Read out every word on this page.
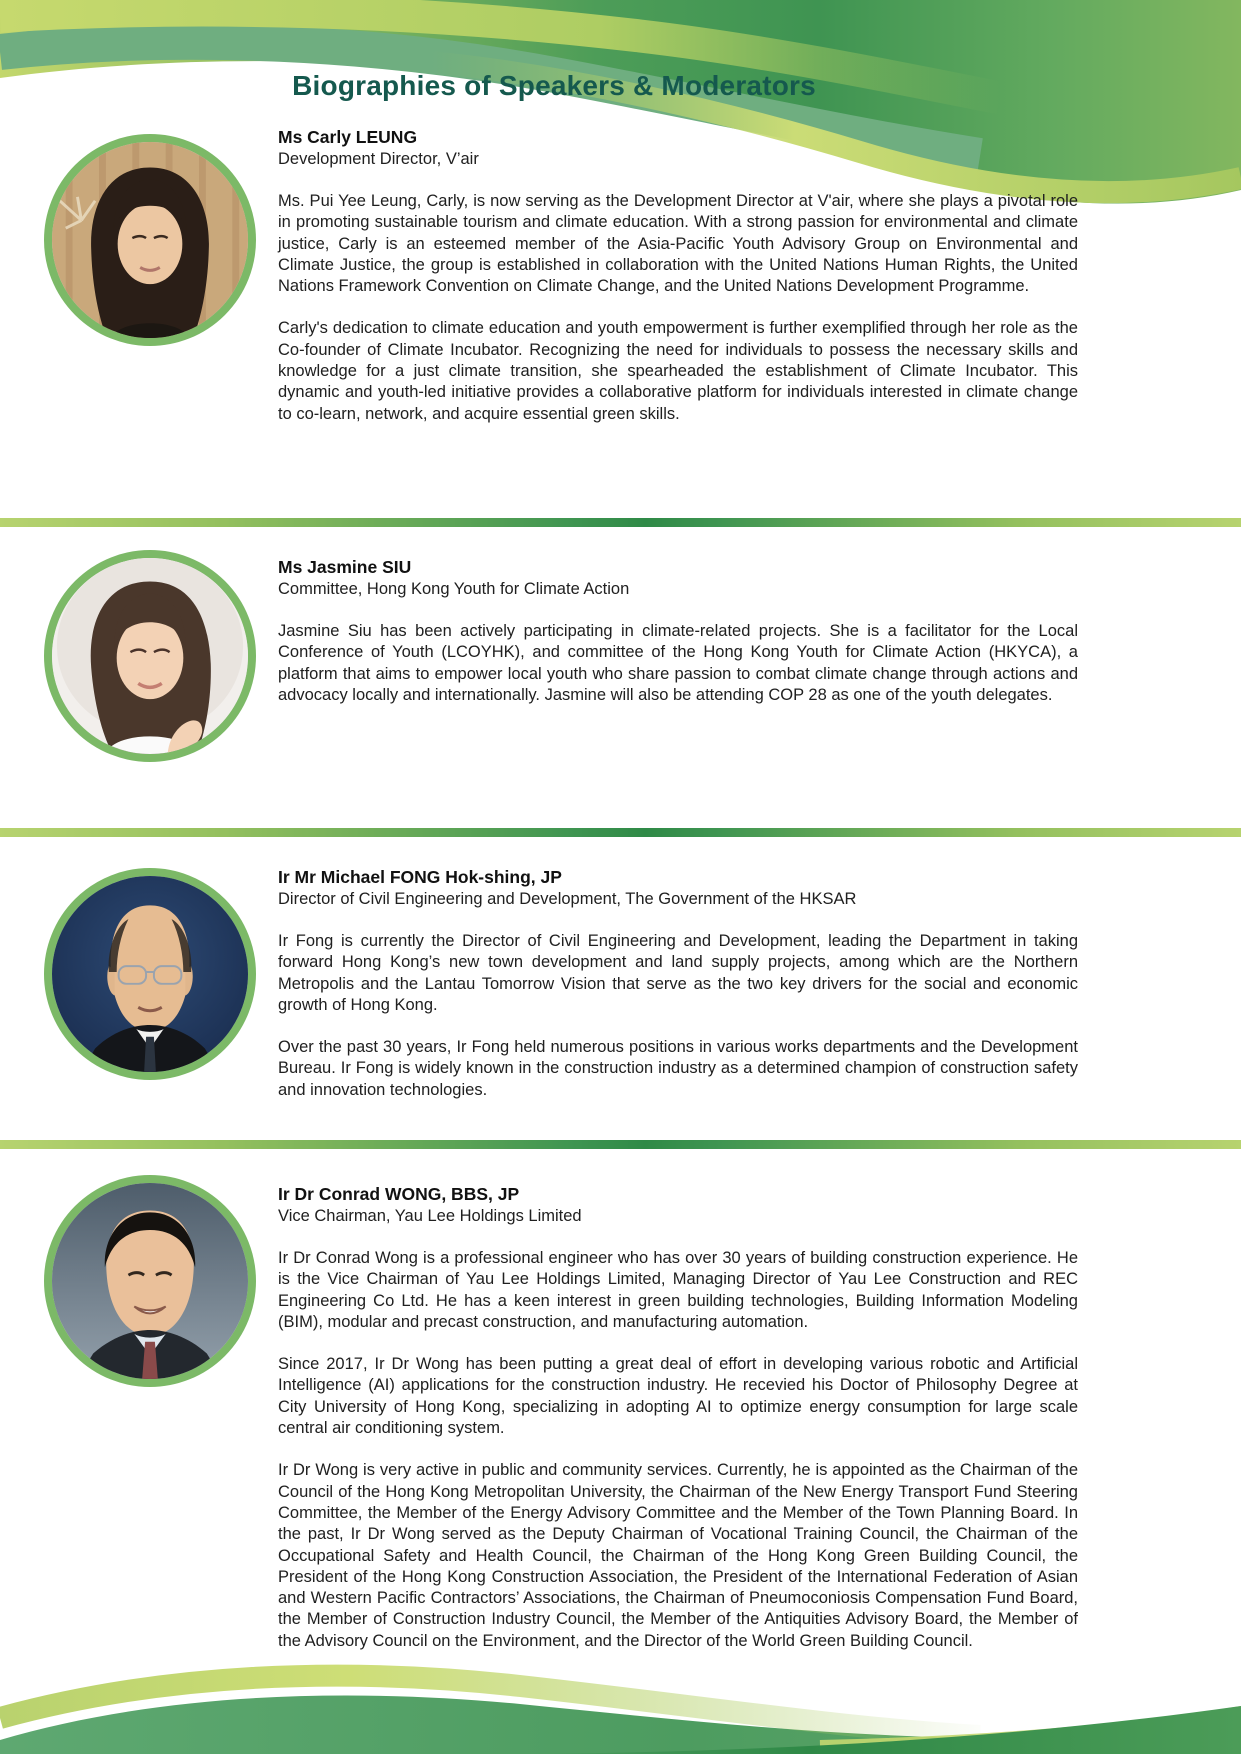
Biographies of Speakers & Moderators
Ms Carly LEUNG
Development Director, V’air

Ms. Pui Yee Leung, Carly, is now serving as the Development Director at V'air, where she plays a pivotal role in promoting sustainable tourism and climate education. With a strong passion for environmental and climate justice, Carly is an esteemed member of the Asia-Pacific Youth Advisory Group on Environmental and Climate Justice, the group is established in collaboration with the United Nations Human Rights, the United Nations Framework Convention on Climate Change, and the United Nations Development Programme.

Carly's dedication to climate education and youth empowerment is further exemplified through her role as the Co-founder of Climate Incubator. Recognizing the need for individuals to possess the necessary skills and knowledge for a just climate transition, she spearheaded the establishment of Climate Incubator. This dynamic and youth-led initiative provides a collaborative platform for individuals interested in climate change to co-learn, network, and acquire essential green skills.

Ms Jasmine SIU
Committee, Hong Kong Youth for Climate Action

Jasmine Siu has been actively participating in climate-related projects. She is a facilitator for the Local Conference of Youth (LCOYHK), and committee of the Hong Kong Youth for Climate Action (HKYCA), a platform that aims to empower local youth who share passion to combat climate change through actions and advocacy locally and internationally. Jasmine will also be attending COP 28 as one of the youth delegates.

Ir Mr Michael FONG Hok-shing, JP
Director of Civil Engineering and Development, The Government of the HKSAR

Ir Fong is currently the Director of Civil Engineering and Development, leading the Department in taking forward Hong Kong’s new town development and land supply projects, among which are the Northern Metropolis and the Lantau Tomorrow Vision that serve as the two key drivers for the social and economic growth of Hong Kong.

Over the past 30 years, Ir Fong held numerous positions in various works departments and the Development Bureau. Ir Fong is widely known in the construction industry as a determined champion of construction safety and innovation technologies.

Ir Dr Conrad WONG, BBS, JP
Vice Chairman, Yau Lee Holdings Limited

Ir Dr Conrad Wong is a professional engineer who has over 30 years of building construction experience. He is the Vice Chairman of Yau Lee Holdings Limited, Managing Director of Yau Lee Construction and REC Engineering Co Ltd. He has a keen interest in green building technologies, Building Information Modeling (BIM), modular and precast construction, and manufacturing automation.

Since 2017, Ir Dr Wong has been putting a great deal of effort in developing various robotic and Artificial Intelligence (AI) applications for the construction industry. He recevied his Doctor of Philosophy Degree at City University of Hong Kong, specializing in adopting AI to optimize energy consumption for large scale central air conditioning system.

Ir Dr Wong is very active in public and community services. Currently, he is appointed as the Chairman of the Council of the Hong Kong Metropolitan University, the Chairman of the New Energy Transport Fund Steering Committee, the Member of the Energy Advisory Committee and the Member of the Town Planning Board. In the past, Ir Dr Wong served as the Deputy Chairman of Vocational Training Council, the Chairman of the Occupational Safety and Health Council, the Chairman of the Hong Kong Green Building Council, the President of the Hong Kong Construction Association, the President of the International Federation of Asian and Western Pacific Contractors’ Associations, the Chairman of Pneumoconiosis Compensation Fund Board, the Member of Construction Industry Council, the Member of the Antiquities Advisory Board, the Member of the Advisory Council on the Environment, and the Director of the World Green Building Council.
